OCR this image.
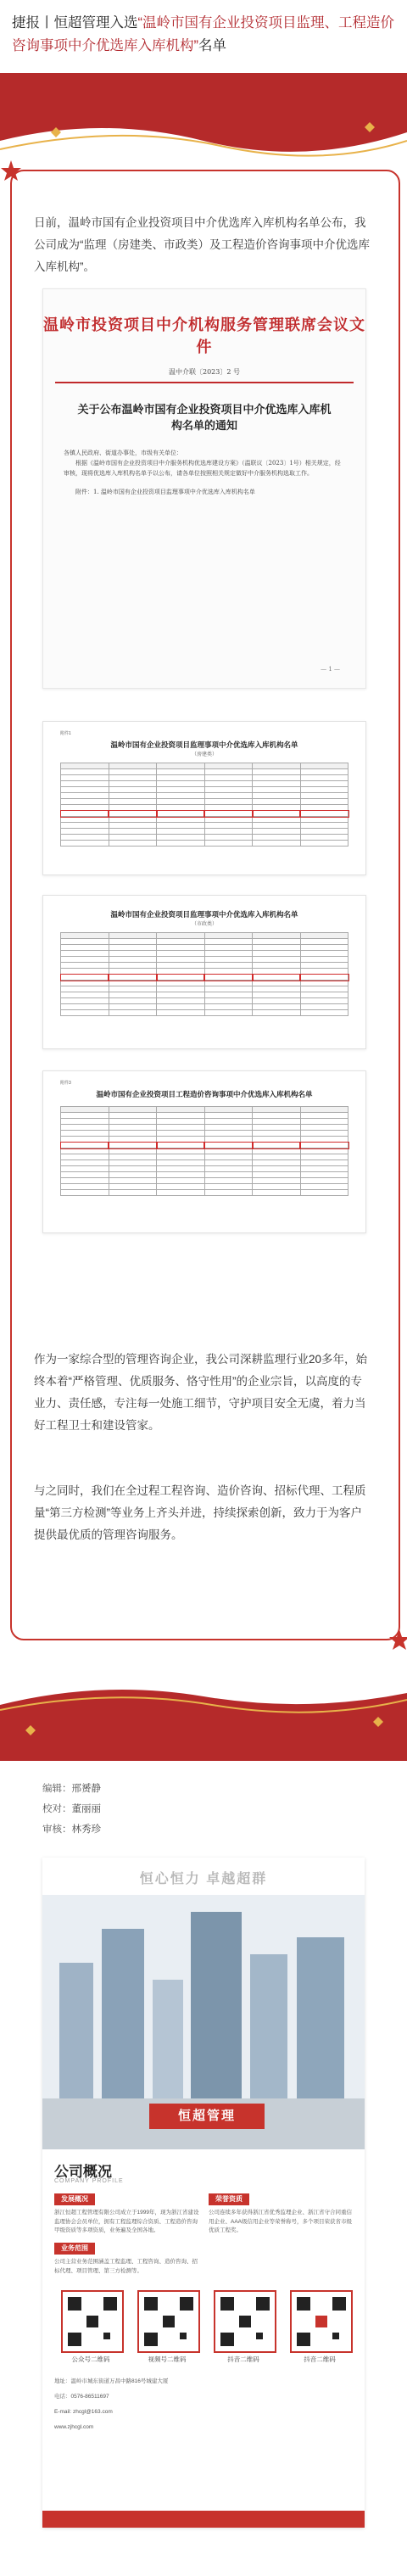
捷报丨恒超管理入选“温岭市国有企业投资项目监理、工程造价咨询事项中介优选库入库机构”名单
日前，温岭市国有企业投资项目中介优选库入库机构名单公布，我公司成为“监理（房建类、市政类）及工程造价咨询事项中介优选库入库机构”。
温岭市投资项目中介机构服务管理联席会议文件
温中介联〔2023〕2 号
关于公布温岭市国有企业投资项目中介优选库入库机构名单的通知
各镇人民政府、街道办事处，市级有关单位：
根据《温岭市国有企业投资项目中介服务机构优选库建设方案》（温联议〔2023〕1号）相关规定，经审核，现将优选库入库机构名单予以公布，请各单位按照相关规定做好中介服务机构选取工作。
附件：1. 温岭市国有企业投资项目监理事项中介优选库入库机构名单
— 1 —
附件1
温岭市国有企业投资项目监理事项中介优选库入库机构名单
（房建类）

温岭市国有企业投资项目监理事项中介优选库入库机构名单
（市政类）

附件3
温岭市国有企业投资项目工程造价咨询事项中介优选库入库机构名单

作为一家综合型的管理咨询企业，我公司深耕监理行业20多年，始终本着“严格管理、优质服务、恪守性用”的企业宗旨，以高度的专业力、责任感，专注每一处施工细节，守护项目安全无虞，着力当好工程卫士和建设管家。
与之同时，我们在全过程工程咨询、造价咨询、招标代理、工程质量“第三方检测”等业务上齐头并进，持续探索创新，致力于为客户提供最优质的管理咨询服务。
编辑：邢赟静
校对：董丽丽
审核：林秀珍
恒心恒力 卓越超群
恒超管理
公司概况
COMPANY PROFILE
发展概况
浙江恒超工程管理有限公司成立于1999年，现为浙江省建设监理协会会员单位，拥有工程监理综合资质、工程造价咨询甲级资质等多项资质，业务遍及全国各地。
业务范围
公司主营业务范围涵盖工程监理、工程咨询、造价咨询、招标代理、项目管理、第三方检测等。
荣誉资质
公司连续多年获得浙江省优秀监理企业、浙江省守合同重信用企业、AAA级信用企业等荣誉称号，多个项目荣获省市级优质工程奖。
公众号二维码	视频号二维码	抖音二维码	抖音二维码
地址：温岭市城东街道万昌中路816号城建大厦
电话：0576-86511697
E-mail: zhcgl@163.com
www.zjhcgl.com
